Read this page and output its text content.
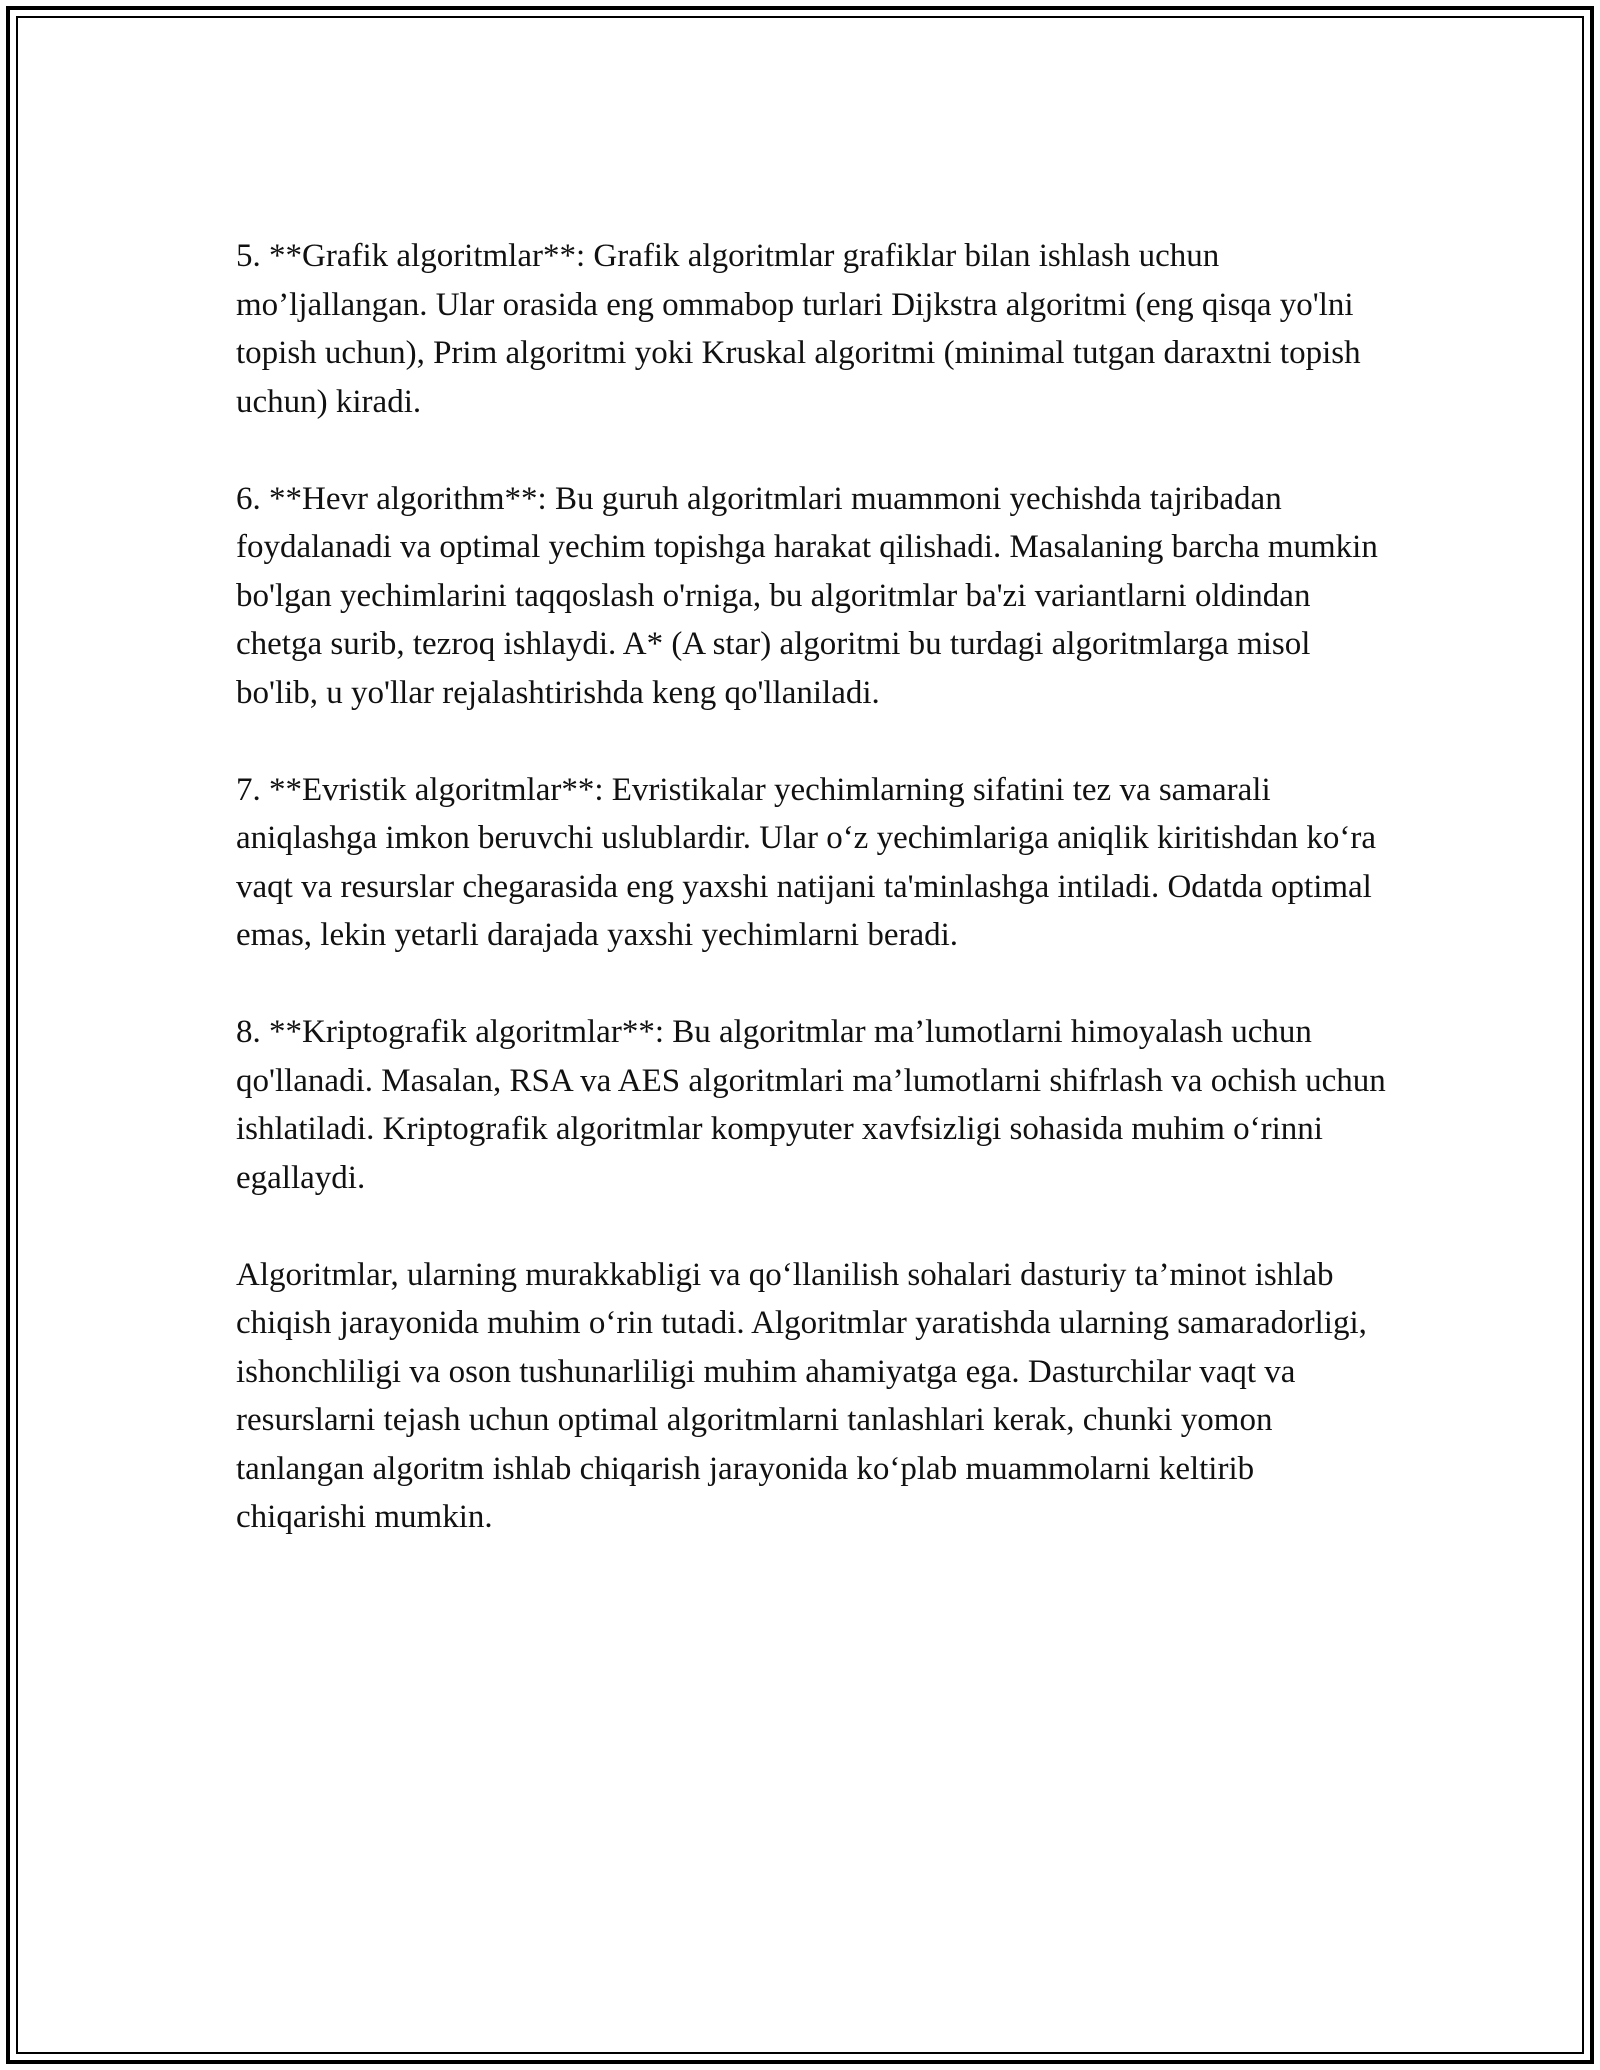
5. **Grafik algoritmlar**: Grafik algoritmlar grafiklar bilan ishlash uchun mo’ljallangan. Ular orasida eng ommabop turlari Dijkstra algoritmi (eng qisqa yo'lni topish uchun), Prim algoritmi yoki Kruskal algoritmi (minimal tutgan daraxtni topish uchun) kiradi.

6. **Hevr algorithm**: Bu guruh algoritmlari muammoni yechishda tajribadan foydalanadi va optimal yechim topishga harakat qilishadi. Masalaning barcha mumkin bo'lgan yechimlarini taqqoslash o'rniga, bu algoritmlar ba'zi variantlarni oldindan chetga surib, tezroq ishlaydi. A* (A star) algoritmi bu turdagi algoritmlarga misol bo'lib, u yo'llar rejalashtirishda keng qo'llaniladi.

7. **Evristik algoritmlar**: Evristikalar yechimlarning sifatini tez va samarali aniqlashga imkon beruvchi uslublardir. Ular o‘z yechimlariga aniqlik kiritishdan ko‘ra vaqt va resurslar chegarasida eng yaxshi natijani ta'minlashga intiladi. Odatda optimal emas, lekin yetarli darajada yaxshi yechimlarni beradi.

8. **Kriptografik algoritmlar**: Bu algoritmlar ma’lumotlarni himoyalash uchun qo'llanadi. Masalan, RSA va AES algoritmlari ma’lumotlarni shifrlash va ochish uchun ishlatiladi. Kriptografik algoritmlar kompyuter xavfsizligi sohasida muhim o‘rinni egallaydi.

Algoritmlar, ularning murakkabligi va qo‘llanilish sohalari dasturiy ta’minot ishlab chiqish jarayonida muhim o‘rin tutadi. Algoritmlar yaratishda ularning samaradorligi, ishonchliligi va oson tushunarliligi muhim ahamiyatga ega. Dasturchilar vaqt va resurslarni tejash uchun optimal algoritmlarni tanlashlari kerak, chunki yomon tanlangan algoritm ishlab chiqarish jarayonida ko‘plab muammolarni keltirib chiqarishi mumkin.
